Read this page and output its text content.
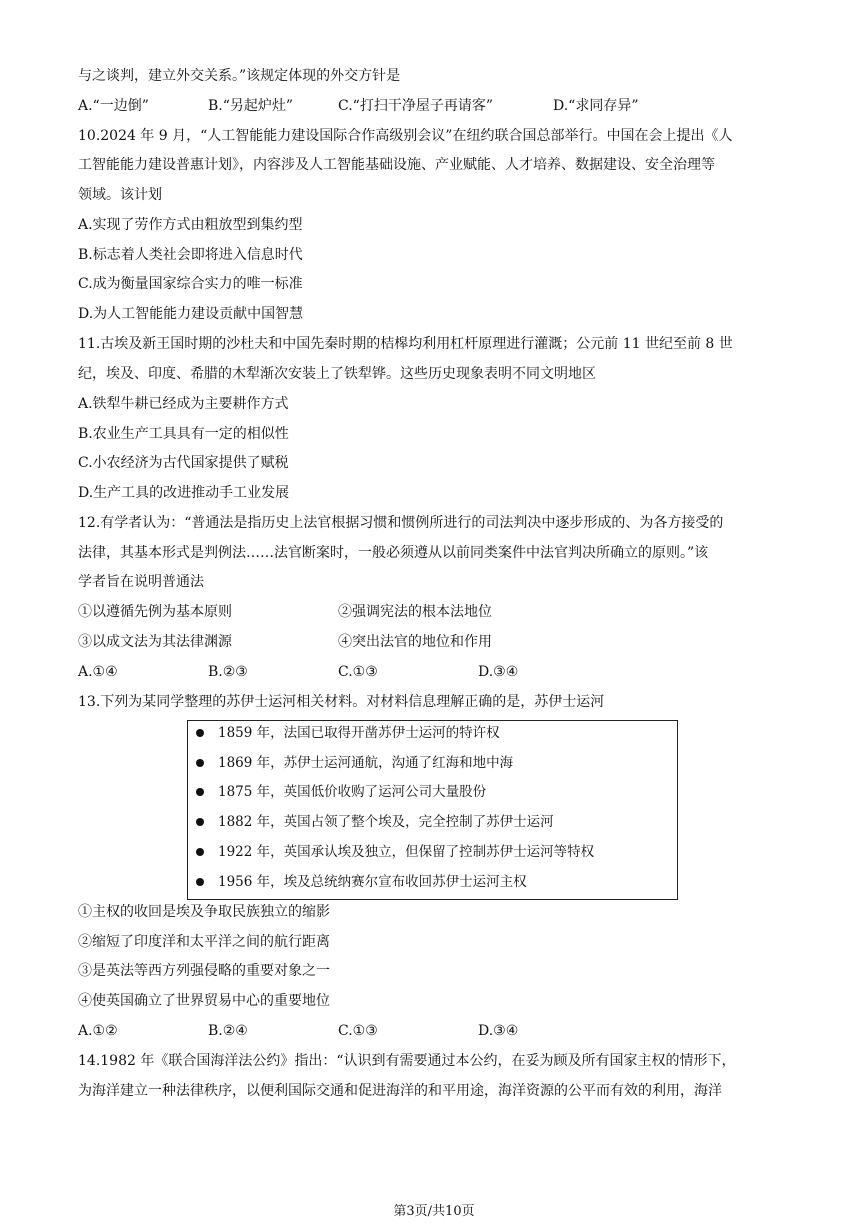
与之谈判，建立外交关系。”该规定体现的外交方针是
A.“一边倒”	B.“另起炉灶”	C.“打扫干净屋子再请客”	D.“求同存异”
10.2024 年 9 月，“人工智能能力建设国际合作高级别会议”在纽约联合国总部举行。中国在会上提出《人
工智能能力建设普惠计划》，内容涉及人工智能基础设施、产业赋能、人才培养、数据建设、安全治理等
领域。该计划
A.实现了劳作方式由粗放型到集约型
B.标志着人类社会即将进入信息时代
C.成为衡量国家综合实力的唯一标准
D.为人工智能能力建设贡献中国智慧
11.古埃及新王国时期的沙杜夫和中国先秦时期的桔槔均利用杠杆原理进行灌溉；公元前 11 世纪至前 8 世
纪，埃及、印度、希腊的木犁渐次安装上了铁犁铧。这些历史现象表明不同文明地区
A.铁犁牛耕已经成为主要耕作方式
B.农业生产工具具有一定的相似性
C.小农经济为古代国家提供了赋税
D.生产工具的改进推动手工业发展
12.有学者认为：“普通法是指历史上法官根据习惯和惯例所进行的司法判决中逐步形成的、为各方接受的
法律，其基本形式是判例法……法官断案时，一般必须遵从以前同类案件中法官判决所确立的原则。”该
学者旨在说明普通法
①以遵循先例为基本原则	②强调宪法的根本法地位
③以成文法为其法律渊源	④突出法官的地位和作用
A.①④	B.②③	C.①③	D.③④
13.下列为某同学整理的苏伊士运河相关材料。对材料信息理解正确的是，苏伊士运河
1859 年，法国已取得开凿苏伊士运河的特许权
1869 年，苏伊士运河通航，沟通了红海和地中海
1875 年，英国低价收购了运河公司大量股份
1882 年，英国占领了整个埃及，完全控制了苏伊士运河
1922 年，英国承认埃及独立，但保留了控制苏伊士运河等特权
1956 年，埃及总统纳赛尔宣布收回苏伊士运河主权
①主权的收回是埃及争取民族独立的缩影
②缩短了印度洋和太平洋之间的航行距离
③是英法等西方列强侵略的重要对象之一
④使英国确立了世界贸易中心的重要地位
A.①②	B.②④	C.①③	D.③④
14.1982 年《联合国海洋法公约》指出：“认识到有需要通过本公约，在妥为顾及所有国家主权的情形下，
为海洋建立一种法律秩序，以便利国际交通和促进海洋的和平用途，海洋资源的公平而有效的利用，海洋
第3页/共10页
